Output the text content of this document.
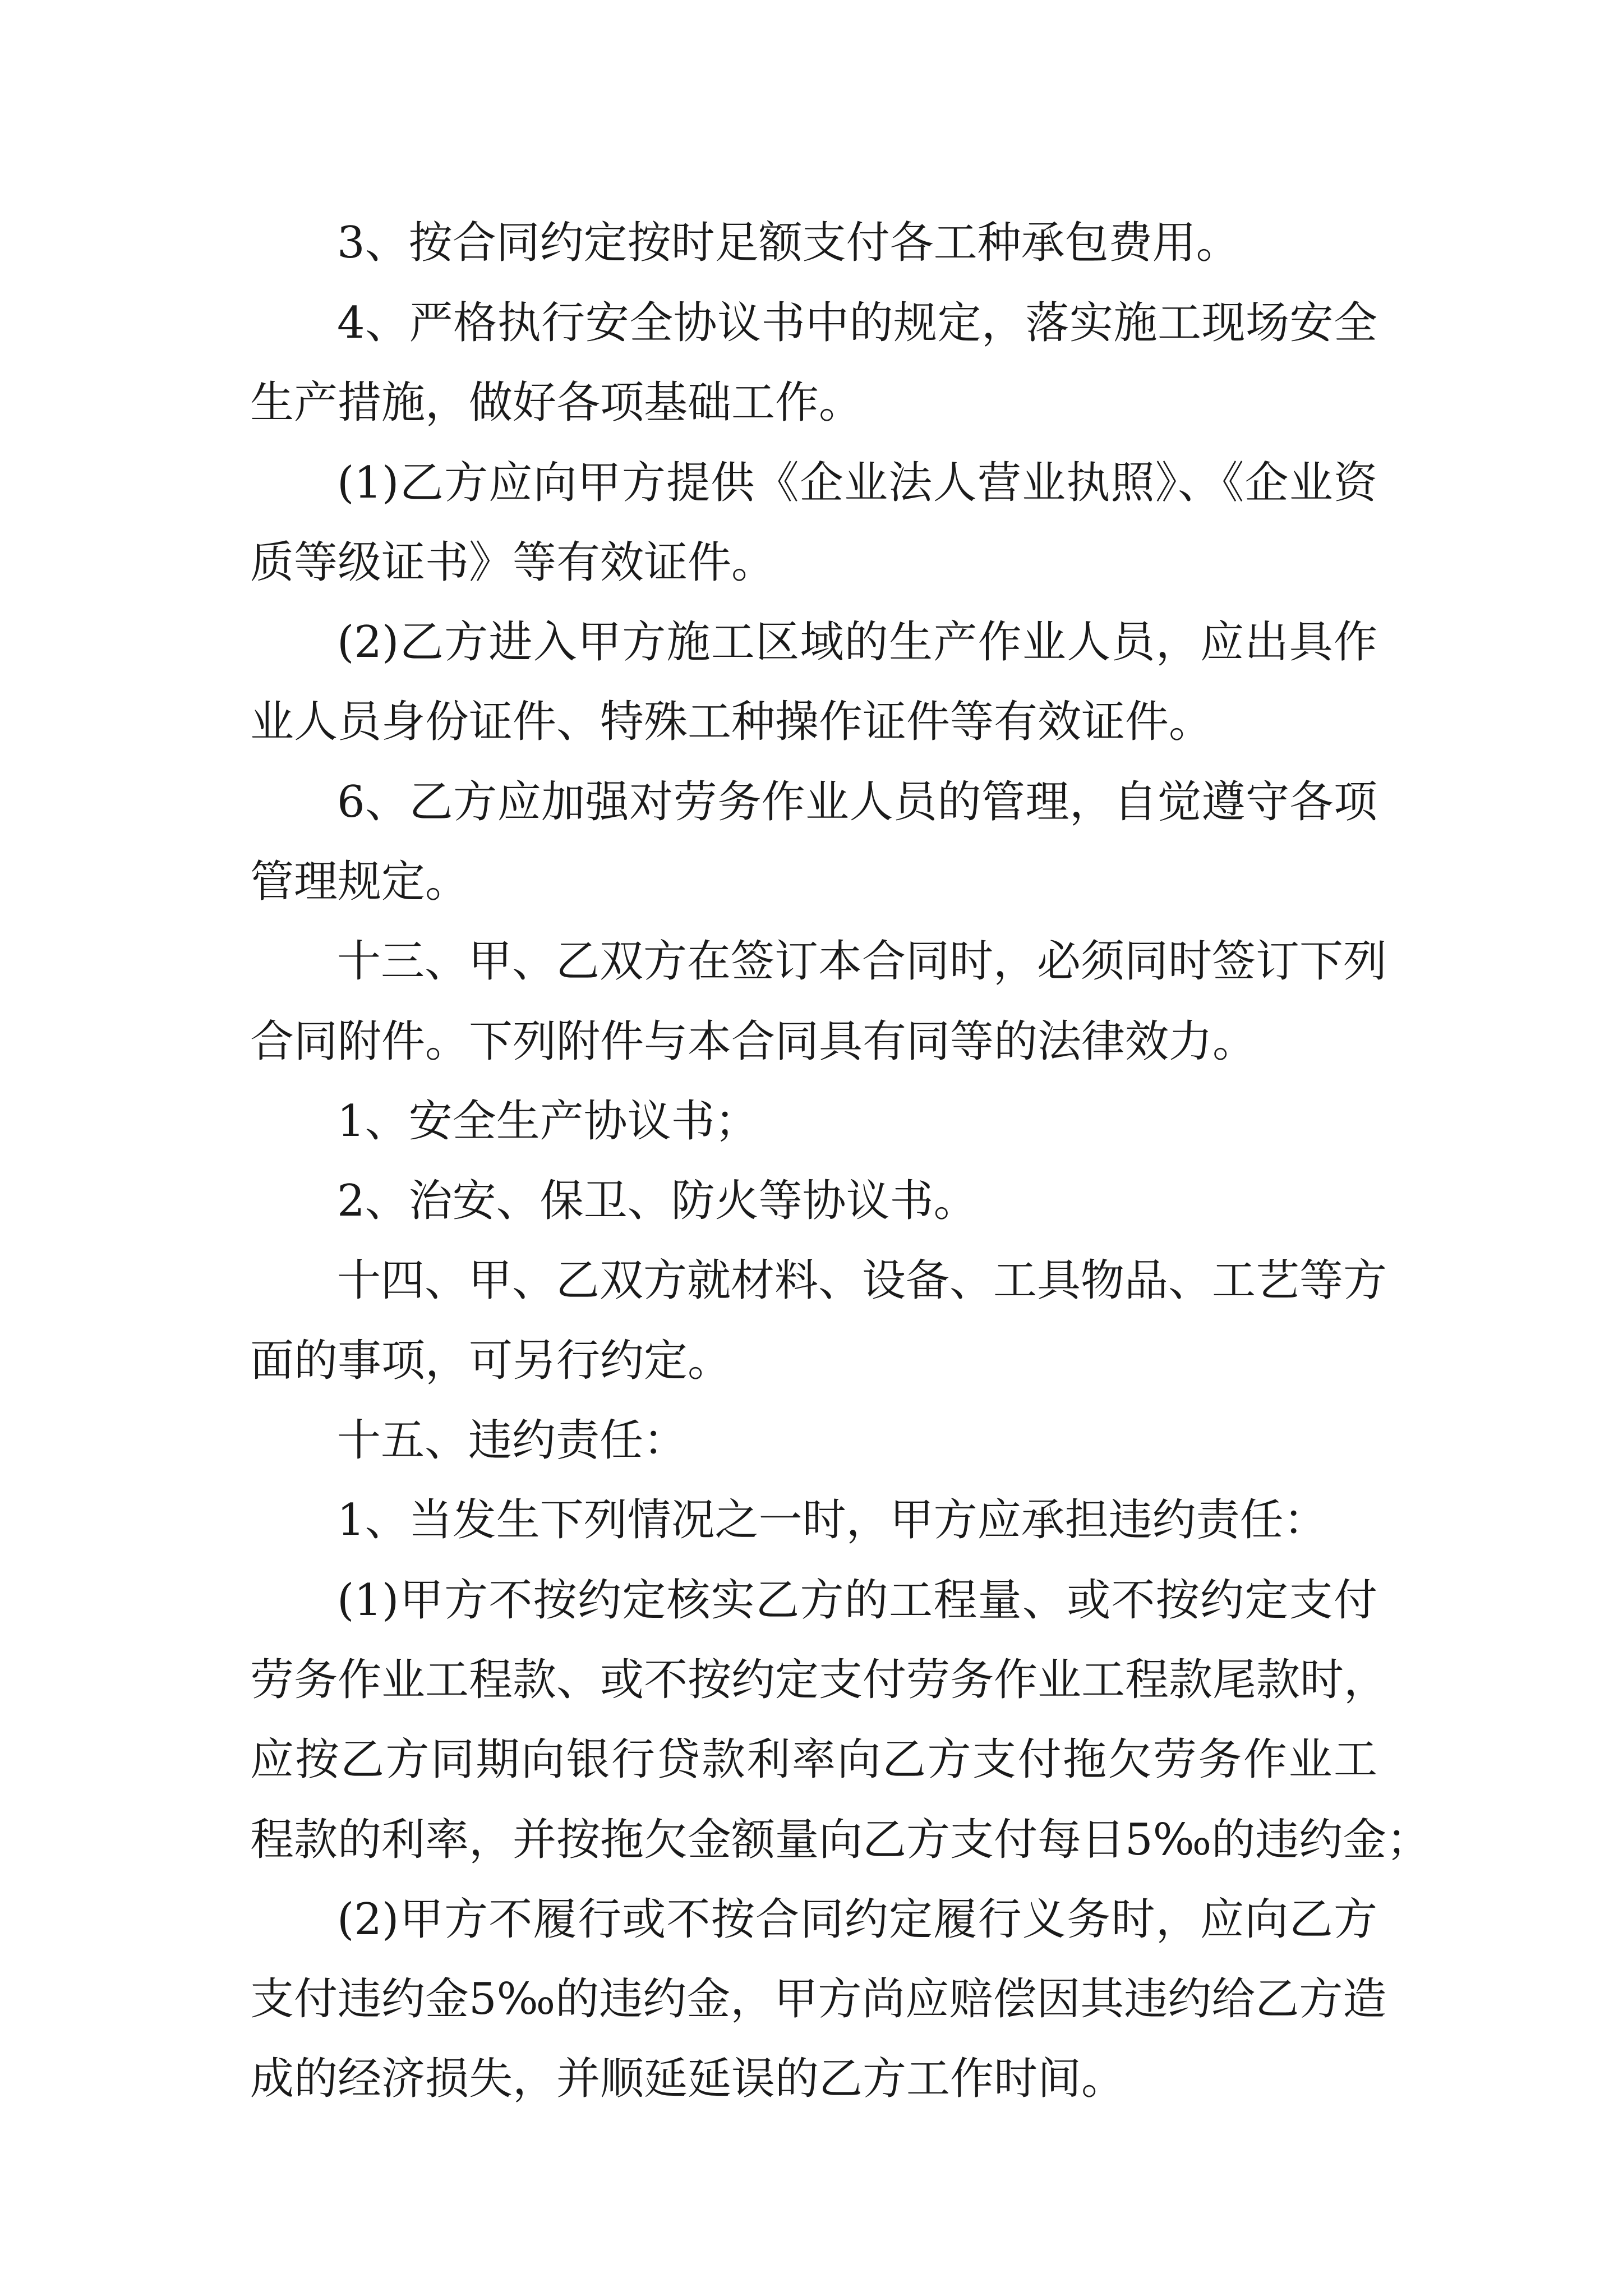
3、按合同约定按时足额支付各工种承包费用。
4、严格执行安全协议书中的规定，落实施工现场安全
生产措施，做好各项基础工作。
(1)乙方应向甲方提供《企业法人营业执照》、《企业资
质等级证书》等有效证件。
(2)乙方进入甲方施工区域的生产作业人员，应出具作
业人员身份证件、特殊工种操作证件等有效证件。
6、乙方应加强对劳务作业人员的管理，自觉遵守各项
管理规定。
十三、甲、乙双方在签订本合同时，必须同时签订下列
合同附件。下列附件与本合同具有同等的法律效力。
1、安全生产协议书；
2、治安、保卫、防火等协议书。
十四、甲、乙双方就材料、设备、工具物品、工艺等方
面的事项，可另行约定。
十五、违约责任：
1、当发生下列情况之一时，甲方应承担违约责任：
(1)甲方不按约定核实乙方的工程量、或不按约定支付
劳务作业工程款、或不按约定支付劳务作业工程款尾款时，
应按乙方同期向银行贷款利率向乙方支付拖欠劳务作业工
程款的利率，并按拖欠金额量向乙方支付每日5‰的违约金；
(2)甲方不履行或不按合同约定履行义务时，应向乙方
支付违约金5‰的违约金，甲方尚应赔偿因其违约给乙方造
成的经济损失，并顺延延误的乙方工作时间。
